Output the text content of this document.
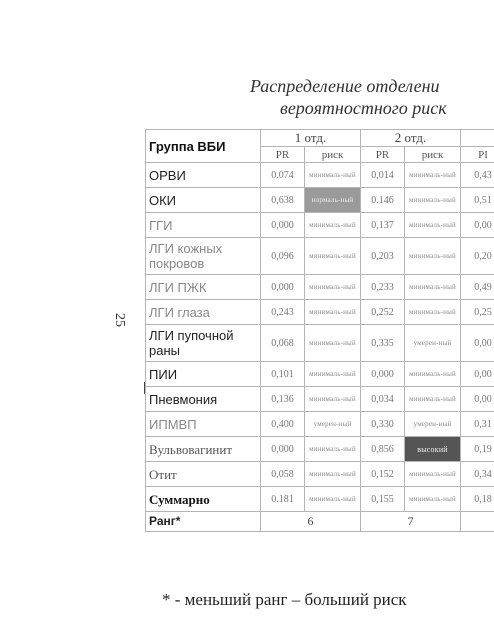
25
Распределение отделени
вероятностного риск
Группа ВБИ	1 отд.		2 отд.		
	PR	риск	PR	риск	PI
ОРВИ	0.074	минималь-ный	0,014	минималь-ный	0,43
ОКИ	0,638	нормаль-ный	0.146	минималь-ный	0,51
ГГИ	0,000	минималь-ный	0,137	минималь-ный	0,00
ЛГИ кожных покровов	0,096	минималь-ный	0,203	минималь-ный	0,20
ЛГИ ПЖК	0,000	минималь-ный	0,233	минималь-ный	0,49
ЛГИ глаза	0,243	минималь-ный	0,252	минималь-ный	0,25
ЛГИ пупочной раны	0,068	минималь-ный	0,335	умерен-ный	0,00
ПИИ	0,101	минималь-ный	0,000	минималь-ный	0,00
Пневмония	0,136	минималь-ный	0,034	минималь-ный	0,00
ИПМВП	0,400	умерен-ный	0,330	умерен-ный	0,31
Вульвовагинит	0,000	минималь-ный	0,856	высокий	0,19
Отит	0,058	минималь-ный	0,152	минималь-ный	0,34
Суммарно	0.181	минималь-ный	0,155	минималь-ный	0,18
Ранг*	6		7		
* - меньший ранг – больший риск
